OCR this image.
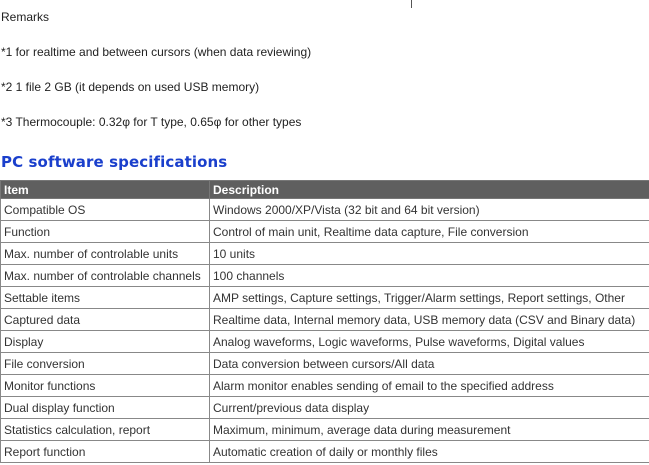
Remarks

*1 for realtime and between cursors (when data reviewing)

*2 1 file 2 GB (it depends on used USB memory)

*3 Thermocouple: 0.32φ for T type, 0.65φ for other types

PC software specifications
Item	Description
Compatible OS	Windows 2000/XP/Vista (32 bit and 64 bit version)
Function	Control of main unit, Realtime data capture, File conversion
Max. number of controlable units	10 units
Max. number of controlable channels	100 channels
Settable items	AMP settings, Capture settings, Trigger/Alarm settings, Report settings, Other
Captured data	Realtime data, Internal memory data, USB memory data (CSV and Binary data)
Display	Analog waveforms, Logic waveforms, Pulse waveforms, Digital values
File conversion	Data conversion between cursors/All data
Monitor functions	Alarm monitor enables sending of email to the specified address
Dual display function	Current/previous data display
Statistics calculation, report	Maximum, minimum, average data during measurement
Report function	Automatic creation of daily or monthly files
